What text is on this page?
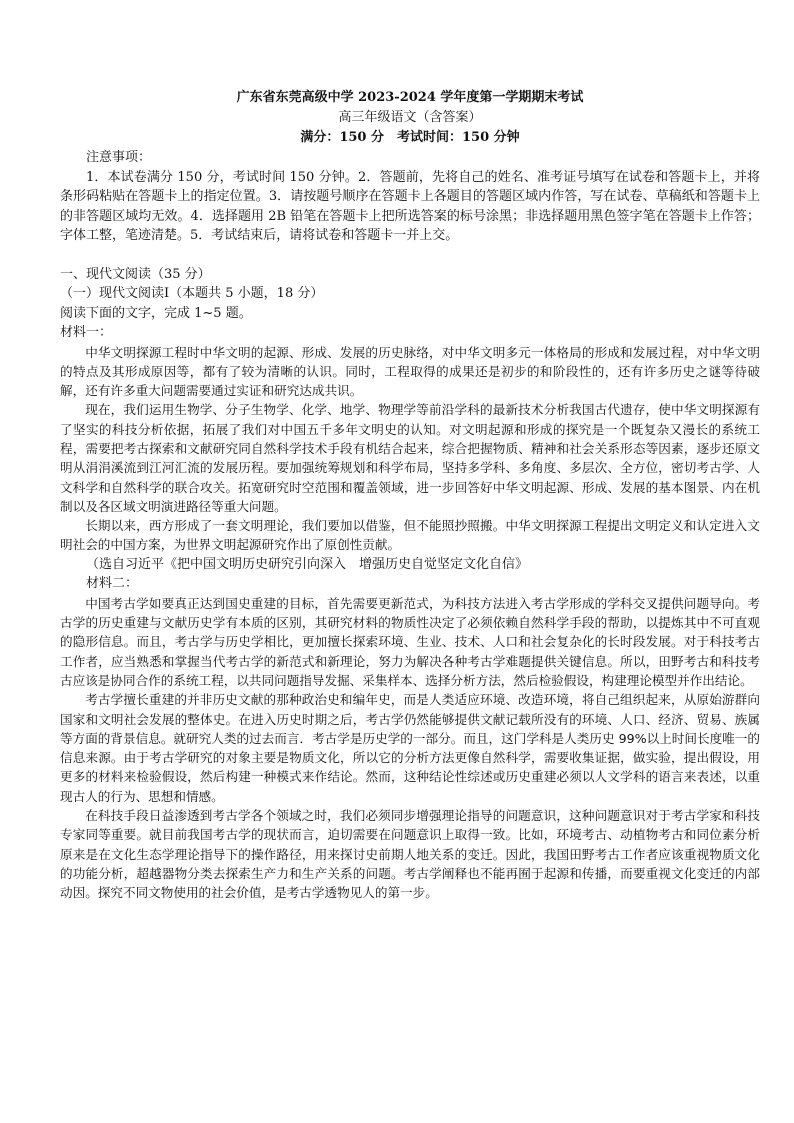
广东省东莞高级中学 2023-2024 学年度第一学期期末考试
高三年级语文（含答案）
满分：150 分　考试时间：150 分钟

注意事项：

1．本试卷满分 150 分，考试时间 150 分钟。2．答题前，先将自己的姓名、准考证号填写在试卷和答题卡上，并将条形码粘贴在答题卡上的指定位置。3．请按题号顺序在答题卡上各题目的答题区域内作答，写在试卷、草稿纸和答题卡上的非答题区域均无效。4．选择题用 2B 铅笔在答题卡上把所选答案的标号涂黑；非选择题用黑色签字笔在答题卡上作答；字体工整，笔迹清楚。5．考试结束后，请将试卷和答题卡一并上交。

一、现代文阅读（35 分）

（一）现代文阅读Ⅰ（本题共 5 小题，18 分）

阅读下面的文字，完成 1~5 题。

材料一：

中华文明探源工程时中华文明的起源、形成、发展的历史脉络，对中华文明多元一体格局的形成和发展过程，对中华文明的特点及其形成原因等，都有了较为清晰的认识。同时，工程取得的成果还是初步的和阶段性的，还有许多历史之谜等待破解，还有许多重大问题需要通过实证和研究达成共识。

现在，我们运用生物学、分子生物学、化学、地学、物理学等前沿学科的最新技术分析我国古代遗存，使中华文明探源有了坚实的科技分析依据，拓展了我们对中国五千多年文明史的认知。对文明起源和形成的探究是一个既复杂又漫长的系统工程，需要把考古探索和文献研究同自然科学技术手段有机结合起来，综合把握物质、精神和社会关系形态等因素，逐步还原文明从涓涓溪流到江河汇流的发展历程。要加强统筹规划和科学布局，坚持多学科、多角度、多层次、全方位，密切考古学、人文科学和自然科学的联合攻关。拓宽研究时空范围和覆盖领域，进一步回答好中华文明起源、形成、发展的基本图景、内在机制以及各区域文明演进路径等重大问题。

长期以来，西方形成了一套文明理论，我们要加以借鉴，但不能照抄照搬。中华文明探源工程提出文明定义和认定进入文明社会的中国方案，为世界文明起源研究作出了原创性贡献。

（选自习近平《把中国文明历史研究引向深入　增强历史自觉坚定文化自信》

材料二：

中国考古学如要真正达到国史重建的目标，首先需要更新范式，为科技方法进入考古学形成的学科交叉提供问题导向。考古学的历史重建与文献历史学有本质的区别，其研究材料的物质性决定了必须依赖自然科学手段的帮助，以提炼其中不可直观的隐形信息。而且，考古学与历史学相比，更加擅长探索环境、生业、技术、人口和社会复杂化的长时段发展。对于科技考古工作者，应当熟悉和掌握当代考古学的新范式和新理论，努力为解决各种考古学难题提供关键信息。所以，田野考古和科技考古应该是协同合作的系统工程，以共同问题指导发掘、采集样本、选择分析方法，然后检验假设，构建理论模型并作出结论。

考古学擅长重建的并非历史文献的那种政治史和编年史，而是人类适应环境、改造环境，将自己组织起来，从原始游群向国家和文明社会发展的整体史。在进入历史时期之后，考古学仍然能够提供文献记载所没有的环境、人口、经济、贸易、族属等方面的背景信息。就研究人类的过去而言．考古学是历史学的一部分。而且，这门学科是人类历史 99%以上时间长度唯一的信息来源。由于考古学研究的对象主要是物质文化，所以它的分析方法更像自然科学，需要收集证据，做实验，提出假设，用更多的材料来检验假设，然后构建一种模式来作结论。然而，这种结论性综述或历史重建必须以人文学科的语言来表述，以重现古人的行为、思想和情感。

在科技手段日益渗透到考古学各个领域之时，我们必须同步增强理论指导的问题意识，这种问题意识对于考古学家和科技专家同等重要。就目前我国考古学的现状而言，迫切需要在问题意识上取得一致。比如，环境考古、动植物考古和同位素分析原来是在文化生态学理论指导下的操作路径，用来探讨史前期人地关系的变迁。因此，我国田野考古工作者应该重视物质文化的功能分析，超越器物分类去探索生产力和生产关系的问题。考古学阐释也不能再囿于起源和传播，而要重视文化变迁的内部动因。探究不同文物使用的社会价值，是考古学透物见人的第一步。
